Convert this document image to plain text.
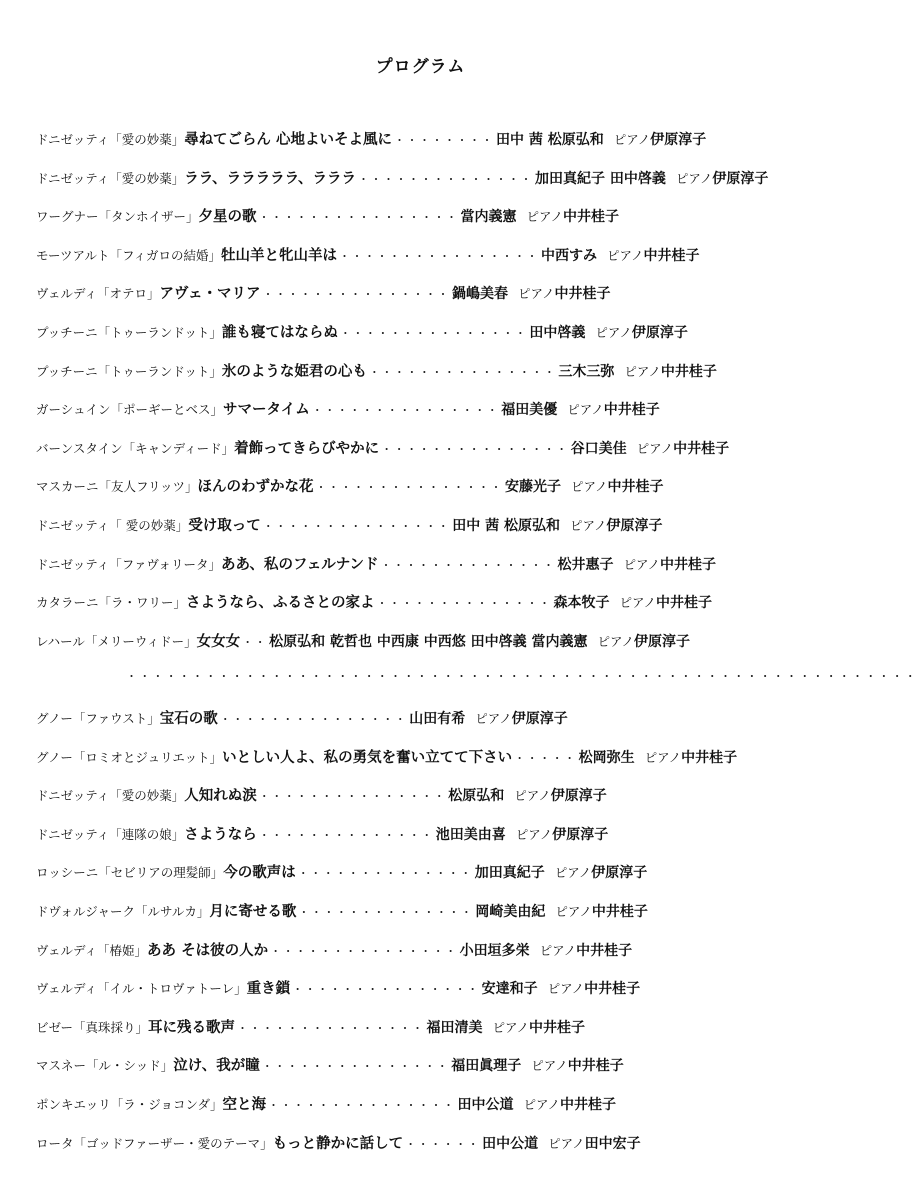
プログラム
ドニゼッティ「愛の妙薬」尋ねてごらん 心地よいそよ風に ・・・・・・・・ 田中 茜 松原弘和 ピアノ伊原淳子
ドニゼッティ「愛の妙薬」ララ、ラララララ、ラララ ・・・・・・・・・・・・・・ 加田真紀子 田中啓義 ピアノ伊原淳子
ワーグナー「タンホイザー」夕星の歌 ・・・・・・・・・・・・・・・・ 當内義憲 ピアノ中井桂子
モーツアルト「フィガロの結婚」牡山羊と牝山羊は ・・・・・・・・・・・・・・・・ 中西すみ ピアノ中井桂子
ヴェルディ「オテロ」アヴェ・マリア ・・・・・・・・・・・・・・・ 鍋嶋美春 ピアノ中井桂子
プッチーニ「トゥーランドット」誰も寝てはならぬ ・・・・・・・・・・・・・・・ 田中啓義 ピアノ伊原淳子
プッチーニ「トゥーランドット」氷のような姫君の心も ・・・・・・・・・・・・・・・ 三木三弥 ピアノ中井桂子
ガーシュイン「ポーギーとベス」サマータイム ・・・・・・・・・・・・・・・ 福田美優 ピアノ中井桂子
バーンスタイン「キャンディード」着飾ってきらびやかに ・・・・・・・・・・・・・・・ 谷口美佳 ピアノ中井桂子
マスカーニ「友人フリッツ」ほんのわずかな花 ・・・・・・・・・・・・・・・ 安藤光子 ピアノ中井桂子
ドニゼッティ「 愛の妙薬」受け取って ・・・・・・・・・・・・・・・ 田中 茜 松原弘和 ピアノ伊原淳子
ドニゼッティ「ファヴォリータ」ああ、私のフェルナンド ・・・・・・・・・・・・・・ 松井惠子 ピアノ中井桂子
カタラーニ「ラ・ワリー」さようなら、ふるさとの家よ ・・・・・・・・・・・・・・ 森本牧子 ピアノ中井桂子
レハール「メリーウィドー」女女女 ・・ 松原弘和 乾哲也 中西康 中西悠 田中啓義 當内義憲 ピアノ伊原淳子
・・・・・・・・・・・・・・・・・・・・・・・・・・・・・・・・・・・・・・・・・・・・・・・・・・・・・・・・・・・・
グノー「ファウスト」宝石の歌 ・・・・・・・・・・・・・・・ 山田有希 ピアノ伊原淳子
グノー「ロミオとジュリエット」いとしい人よ、私の勇気を奮い立てて下さい ・・・・・ 松岡弥生 ピアノ中井桂子
ドニゼッティ「愛の妙薬」人知れぬ涙 ・・・・・・・・・・・・・・・ 松原弘和 ピアノ伊原淳子
ドニゼッティ「連隊の娘」さようなら ・・・・・・・・・・・・・・ 池田美由喜 ピアノ伊原淳子
ロッシーニ「セビリアの理髪師」今の歌声は ・・・・・・・・・・・・・・ 加田真紀子 ピアノ伊原淳子
ドヴォルジャーク「ルサルカ」月に寄せる歌 ・・・・・・・・・・・・・・ 岡崎美由紀 ピアノ中井桂子
ヴェルディ「椿姫」ああ そは彼の人か ・・・・・・・・・・・・・・・ 小田垣多栄 ピアノ中井桂子
ヴェルディ「イル・トロヴァトーレ」重き鎖 ・・・・・・・・・・・・・・・ 安達和子 ピアノ中井桂子
ビゼー「真珠採り」耳に残る歌声 ・・・・・・・・・・・・・・・ 福田清美 ピアノ中井桂子
マスネー「ル・シッド」泣け、我が瞳 ・・・・・・・・・・・・・・・ 福田眞理子 ピアノ中井桂子
ポンキエッリ「ラ・ジョコンダ」空と海 ・・・・・・・・・・・・・・・ 田中公道 ピアノ中井桂子
ロータ「ゴッドファーザー・愛のテーマ」もっと静かに話して ・・・・・・ 田中公道 ピアノ田中宏子
